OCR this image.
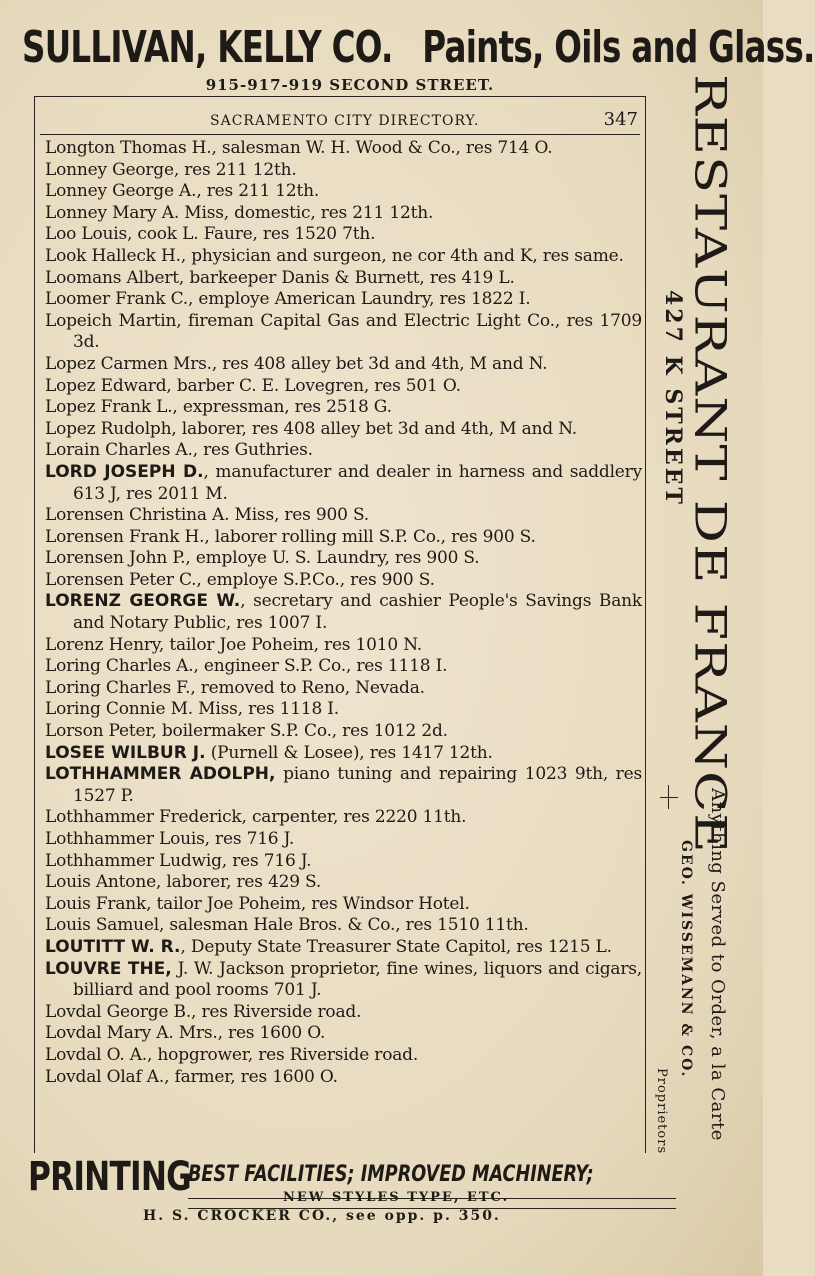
SULLIVAN, KELLY CO. Paints, Oils and Glass.
915-917-919 SECOND STREET.
SACRAMENTO CITY DIRECTORY.	347

Longton Thomas H., salesman W. H. Wood & Co., res 714 O.

Lonney George, res 211 12th.

Lonney George A., res 211 12th.

Lonney Mary A. Miss, domestic, res 211 12th.

Loo Louis, cook L. Faure, res 1520 7th.

Look Halleck H., physician and surgeon, ne cor 4th and K, res same.

Loomans Albert, barkeeper Danis & Burnett, res 419 L.

Loomer Frank C., employe American Laundry, res 1822 I.

Lopeich Martin, fireman Capital Gas and Electric Light Co., res 1709 3d.

Lopez Carmen Mrs., res 408 alley bet 3d and 4th, M and N.

Lopez Edward, barber C. E. Lovegren, res 501 O.

Lopez Frank L., expressman, res 2518 G.

Lopez Rudolph, laborer, res 408 alley bet 3d and 4th, M and N.

Lorain Charles A., res Guthries.

LORD JOSEPH D., manufacturer and dealer in harness and saddlery 613 J, res 2011 M.

Lorensen Christina A. Miss, res 900 S.

Lorensen Frank H., laborer rolling mill S.P. Co., res 900 S.

Lorensen John P., employe U. S. Laundry, res 900 S.

Lorensen Peter C., employe S.P.Co., res 900 S.

LORENZ GEORGE W., secretary and cashier People's Savings Bank and Notary Public, res 1007 I.

Lorenz Henry, tailor Joe Poheim, res 1010 N.

Loring Charles A., engineer S.P. Co., res 1118 I.

Loring Charles F., removed to Reno, Nevada.

Loring Connie M. Miss, res 1118 I.

Lorson Peter, boilermaker S.P. Co., res 1012 2d.

LOSEE WILBUR J. (Purnell & Losee), res 1417 12th.

LOTHHAMMER ADOLPH, piano tuning and repairing 1023 9th, res 1527 P.

Lothhammer Frederick, carpenter, res 2220 11th.

Lothhammer Louis, res 716 J.

Lothhammer Ludwig, res 716 J.

Louis Antone, laborer, res 429 S.

Louis Frank, tailor Joe Poheim, res Windsor Hotel.

Louis Samuel, salesman Hale Bros. & Co., res 1510 11th.

LOUTITT W. R., Deputy State Treasurer State Capitol, res 1215 L.

LOUVRE THE, J. W. Jackson proprietor, fine wines, liquors and cigars, billiard and pool rooms 701 J.

Lovdal George B., res Riverside road.

Lovdal Mary A. Mrs., res 1600 O.

Lovdal O. A., hopgrower, res Riverside road.

Lovdal Olaf A., farmer, res 1600 O.

RESTAURANT DE FRANCE
427 K STREET
Anything Served to Order, a la Carte
GEO. WISSEMANN & CO.
Proprietors
PRINTING
BEST FACILITIES; IMPROVED MACHINERY;
NEW STYLES TYPE, ETC.
H. S. CROCKER CO., see opp. p. 350.
